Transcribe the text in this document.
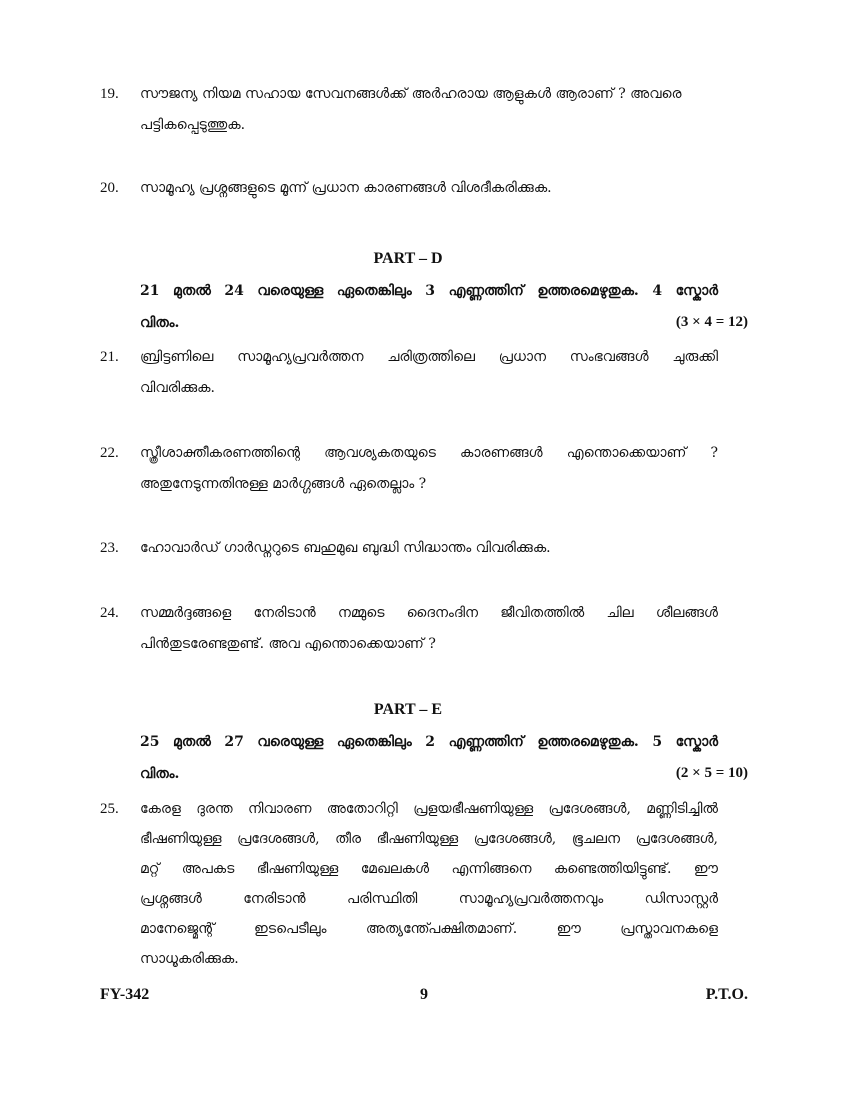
19. സൗജന്യ നിയമ സഹായ സേവനങ്ങൾക്ക് അർഹരായ ആളുകൾ ആരാണ് ? അവരെ
പട്ടികപ്പെടുത്തുക.
20. സാമൂഹ്യ പ്രശ്നങ്ങളുടെ മൂന്ന് പ്രധാന കാരണങ്ങൾ വിശദീകരിക്കുക.
PART – D
21 മുതൽ 24 വരെയുള്ള ഏതെങ്കിലും 3 എണ്ണത്തിന് ഉത്തരമെഴുതുക. 4 സ്കോർ
വിതം.	(3 × 4 = 12)
21. ബ്രിട്ടണിലെ സാമൂഹ്യപ്രവർത്തന ചരിത്രത്തിലെ പ്രധാന സംഭവങ്ങൾ ചുരുക്കി
വിവരിക്കുക.
22. സ്ത്രീശാക്തീകരണത്തിന്റെ ആവശ്യകതയുടെ കാരണങ്ങൾ എന്തൊക്കെയാണ് ?
അതുനേടുന്നതിനുള്ള മാർഗ്ഗങ്ങൾ ഏതെല്ലാം ?
23. ഹോവാർഡ് ഗാർഡ്നറുടെ ബഹുമുഖ ബുദ്ധി സിദ്ധാന്തം വിവരിക്കുക.
24. സമ്മർദ്ദങ്ങളെ നേരിടാൻ നമ്മുടെ ദൈനംദിന ജീവിതത്തിൽ ചില ശീലങ്ങൾ
പിൻതുടരേണ്ടതുണ്ട്. അവ എന്തൊക്കെയാണ് ?
PART – E
25 മുതൽ 27 വരെയുള്ള ഏതെങ്കിലും 2 എണ്ണത്തിന് ഉത്തരമെഴുതുക. 5 സ്കോർ
വിതം.	(2 × 5 = 10)
25. കേരള ദുരന്ത നിവാരണ അതോറിറ്റി പ്രളയഭീഷണിയുള്ള പ്രദേശങ്ങൾ, മണ്ണിടിച്ചിൽ
ഭീഷണിയുള്ള പ്രദേശങ്ങൾ, തീര ഭീഷണിയുള്ള പ്രദേശങ്ങൾ, ഭൂചലന പ്രദേശങ്ങൾ,
മറ്റ് അപകട ഭീഷണിയുള്ള മേഖലകൾ എന്നിങ്ങനെ കണ്ടെത്തിയിട്ടുണ്ട്. ഈ
പ്രശ്നങ്ങൾ നേരിടാൻ പരിസ്ഥിതി സാമൂഹ്യപ്രവർത്തനവും ഡിസാസ്റ്റർ
മാനേജ്മെന്റ് ഇടപെടീലും അത്യന്ത്പേക്ഷിതമാണ്. ഈ പ്രസ്താവനകളെ
സാധൂകരിക്കുക.
FY-342	9	P.T.O.
